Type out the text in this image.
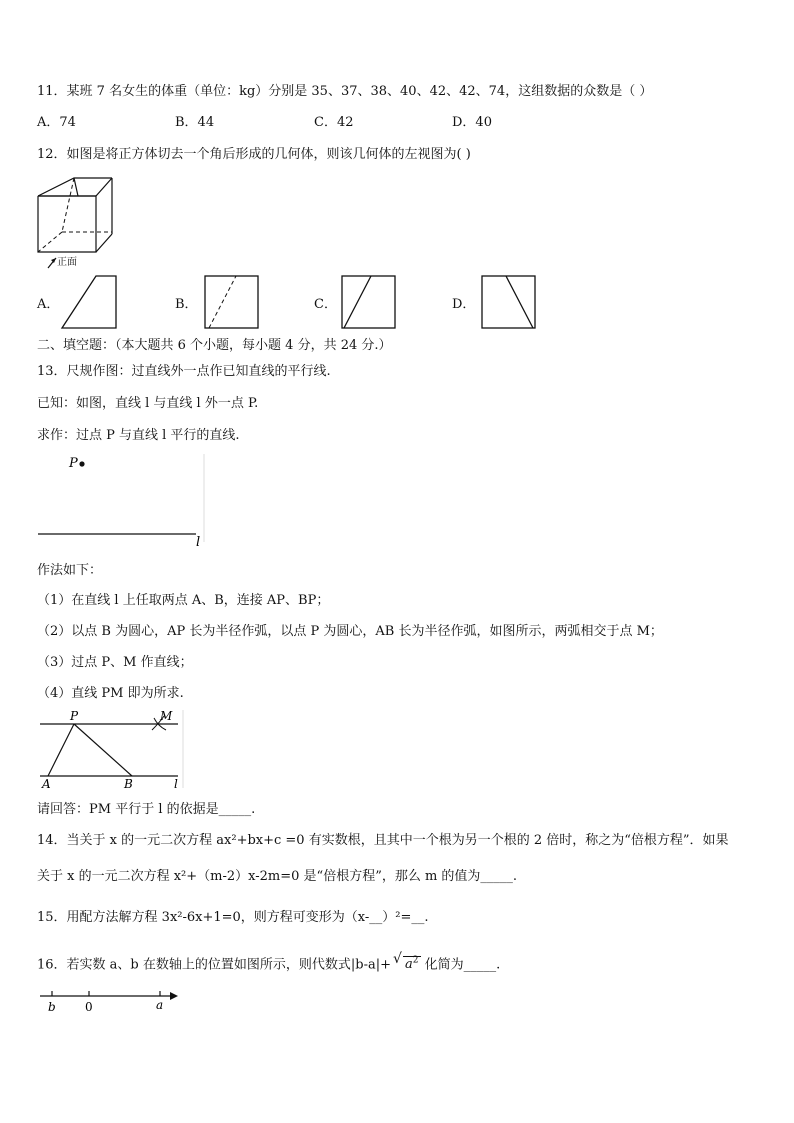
11．某班 7 名女生的体重（单位：kg）分别是 35、37、38、40、42、42、74，这组数据的众数是（ ）
A．74	B．44	C．42	D．40
12．如图是将正方体切去一个角后形成的几何体，则该几何体的左视图为( )
正面
A．	B．	C．	D．
二、填空题：（本大题共 6 个小题，每小题 4 分，共 24 分.）
13．尺规作图：过直线外一点作已知直线的平行线.
已知：如图，直线 l 与直线 l 外一点 P.
求作：过点 P 与直线 l 平行的直线.
P
l
作法如下：
（1）在直线 l 上任取两点 A、B，连接 AP、BP；
（2）以点 B 为圆心，AP 长为半径作弧，以点 P 为圆心，AB 长为半径作弧，如图所示，两弧相交于点 M；
（3）过点 P、M 作直线；
（4）直线 PM 即为所求.
P	M
A	B	l
请回答：PM 平行于 l 的依据是_____.
14．当关于 x 的一元二次方程 ax²+bx+c =0 有实数根，且其中一个根为另一个根的 2 倍时，称之为“倍根方程”．如果
关于 x 的一元二次方程 x²+（m-2）x-2m=0 是“倍根方程”，那么 m 的值为_____.
15．用配方法解方程 3x²-6x+1=0，则方程可变形为（x-__）²=__.
16．若实数 a、b 在数轴上的位置如图所示，则代数式|b-a|+ √ $a^2$ 化简为_____.
b 0	a
